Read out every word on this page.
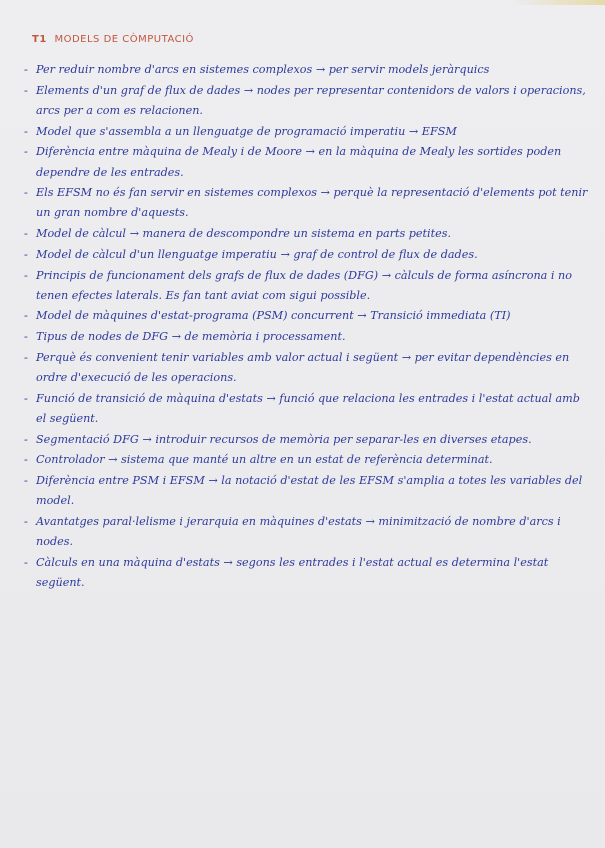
T1 MODELS DE CÒMPUTACIÓ
- Per reduir nombre d'arcs en sistemes complexos → per servir models jeràrquics
- Elements d'un graf de flux de dades → nodes per representar contenidors de valors i operacions, arcs per a com es relacionen.
- Model que s'assembla a un llenguatge de programació imperatiu → EFSM
- Diferència entre màquina de Mealy i de Moore → en la màquina de Mealy les sortides poden dependre de les entrades.
- Els EFSM no és fan servir en sistemes complexos → perquè la representació d'elements pot tenir un gran nombre d'aquests.
- Model de càlcul → manera de descompondre un sistema en parts petites.
- Model de càlcul d'un llenguatge imperatiu → graf de control de flux de dades.
- Principis de funcionament dels grafs de flux de dades (DFG) → càlculs de forma asíncrona i no tenen efectes laterals. Es fan tant aviat com sigui possible.
- Model de màquines d'estat-programa (PSM) concurrent → Transició immediata (TI)
- Tipus de nodes de DFG → de memòria i processament.
- Perquè és convenient tenir variables amb valor actual i següent → per evitar dependències en ordre d'execució de les operacions.
- Funció de transició de màquina d'estats → funció que relaciona les entrades i l'estat actual amb el següent.
- Segmentació DFG → introduir recursos de memòria per separar-les en diverses etapes.
- Controlador → sistema que manté un altre en un estat de referència determinat.
- Diferència entre PSM i EFSM → la notació d'estat de les EFSM s'amplia a totes les variables del model.
- Avantatges paral·lelisme i jerarquia en màquines d'estats → minimització de nombre d'arcs i nodes.
- Càlculs en una màquina d'estats → segons les entrades i l'estat actual es determina l'estat següent.
